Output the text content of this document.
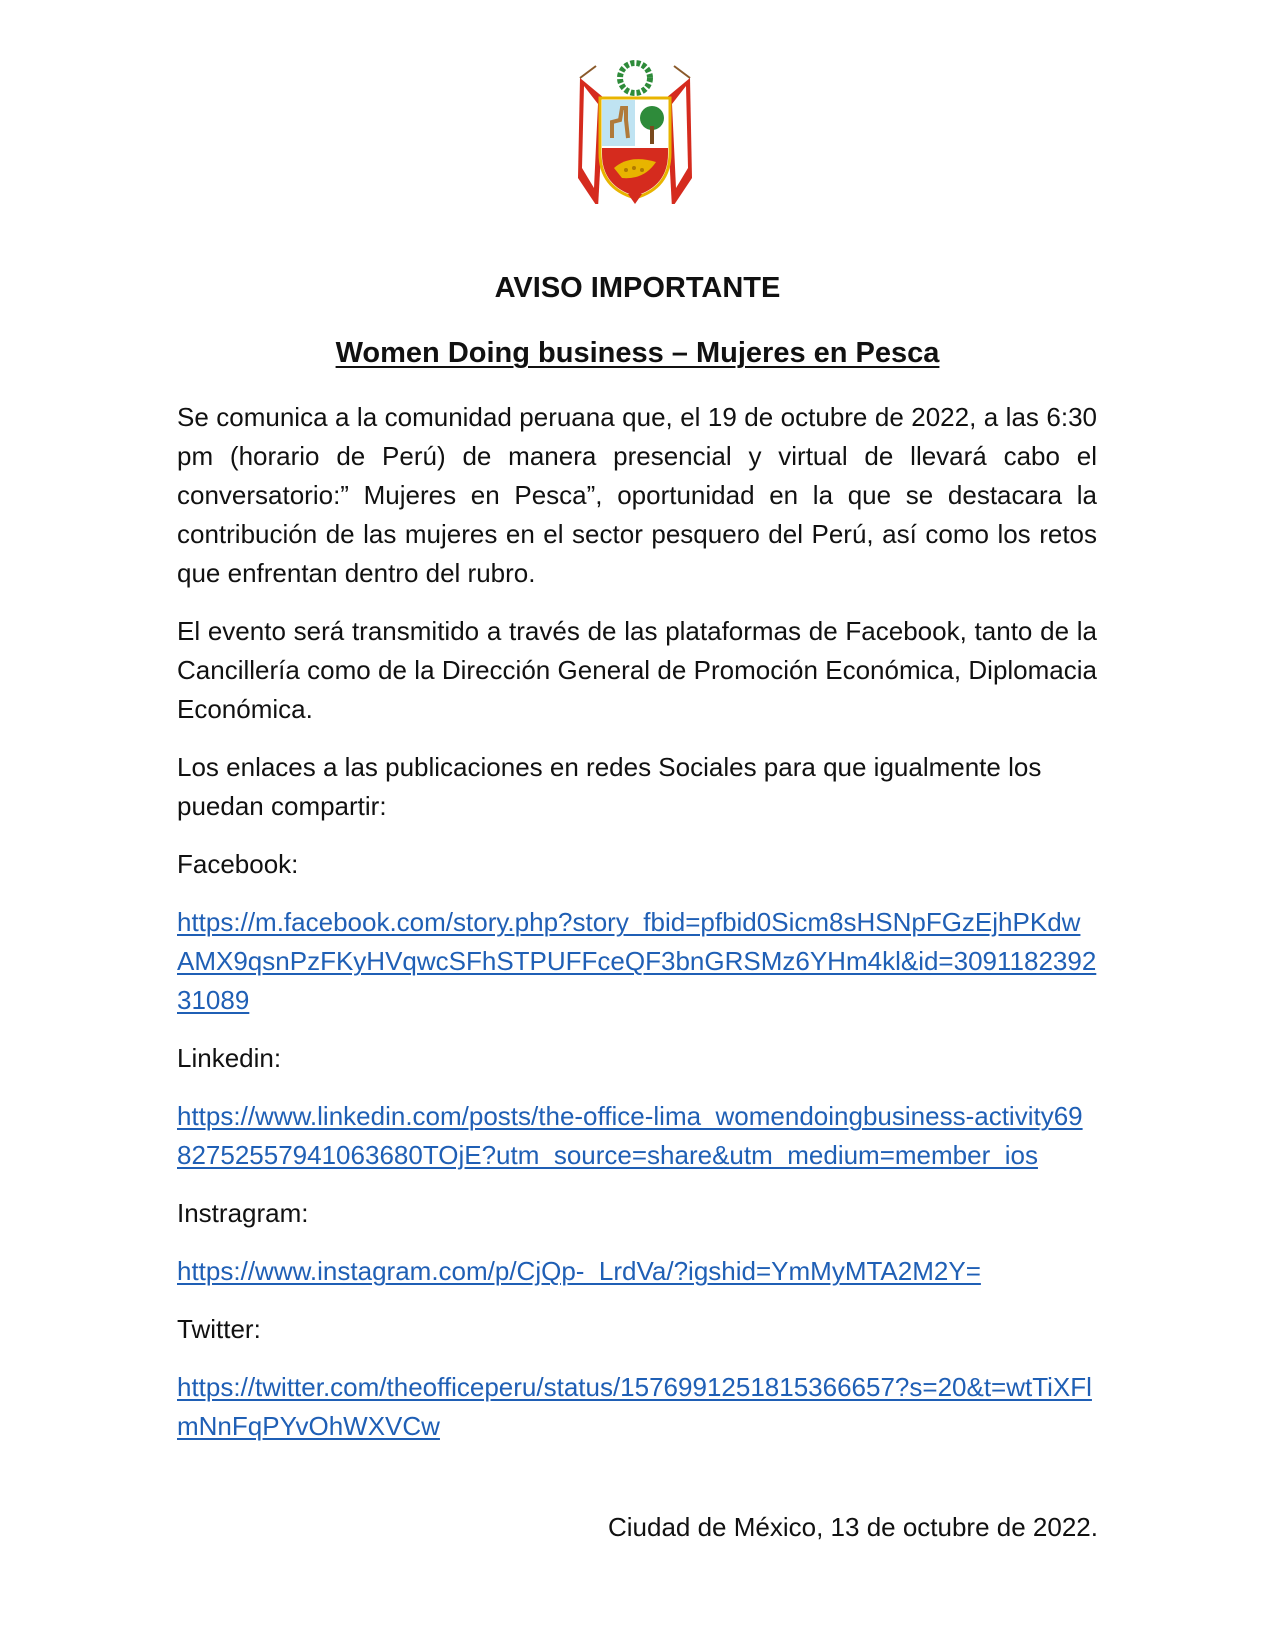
AVISO IMPORTANTE
Women Doing business – Mujeres en Pesca

Se comunica a la comunidad peruana que, el 19 de octubre de 2022, a las 6:30 pm (horario de Perú) de manera presencial y virtual de llevará cabo el conversatorio:” Mujeres en Pesca”, oportunidad en la que se destacara la contribución de las mujeres en el sector pesquero del Perú, así como los retos que enfrentan dentro del rubro.

El evento será transmitido a través de las plataformas de Facebook, tanto de la Cancillería como de la Dirección General de Promoción Económica, Diplomacia Económica.

Los enlaces a las publicaciones en redes Sociales para que igualmente los puedan compartir:

Facebook:

https://m.facebook.com/story.php?story_fbid=pfbid0Sicm8sHSNpFGzEjhPKdwAMX9qsnPzFKyHVqwcSFhSTPUFFceQF3bnGRSMz6YHm4kl&id=309118239231089

Linkedin:

https://www.linkedin.com/posts/the-office-lima_womendoingbusiness-activity6982752557941063680TOjE?utm_source=share&utm_medium=member_ios

Instragram:

https://www.instagram.com/p/CjQp-_LrdVa/?igshid=YmMyMTA2M2Y=

Twitter:

https://twitter.com/theofficeperu/status/1576991251815366657?s=20&t=wtTiXFlmNnFqPYvOhWXVCw

Ciudad de México, 13 de octubre de 2022.
